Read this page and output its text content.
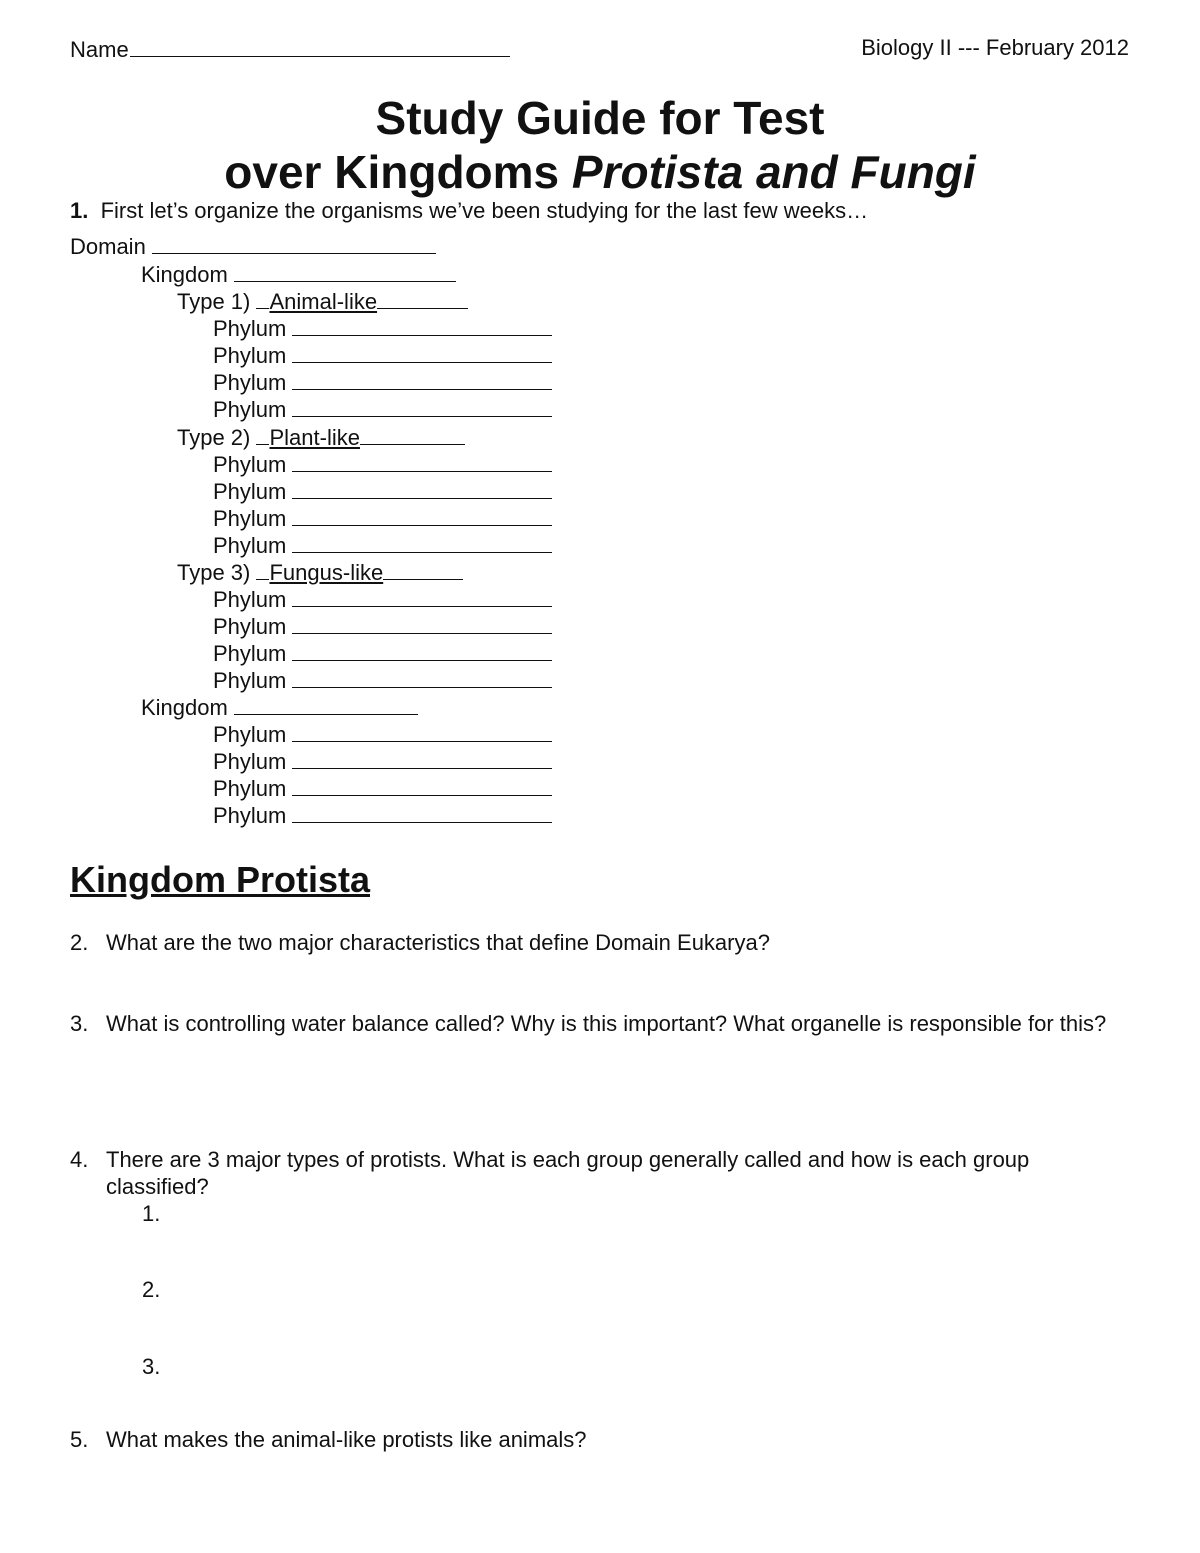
Name	Biology II --- February 2012
Study Guide for Test
over Kingdoms Protista and Fungi
1. First let’s organize the organisms we’ve been studying for the last few weeks…
Domain
Kingdom
Type 1) Animal-like
Phylum
Phylum
Phylum
Phylum
Type 2) Plant-like
Phylum
Phylum
Phylum
Phylum
Type 3) Fungus-like
Phylum
Phylum
Phylum
Phylum
Kingdom
Phylum
Phylum
Phylum
Phylum
Kingdom Protista
2. What are the two major characteristics that define Domain Eukarya?
3. What is controlling water balance called? Why is this important? What organelle is responsible for this?
4. There are 3 major types of protists. What is each group generally called and how is each group classified?
1.
2.
3.
5. What makes the animal-like protists like animals?
